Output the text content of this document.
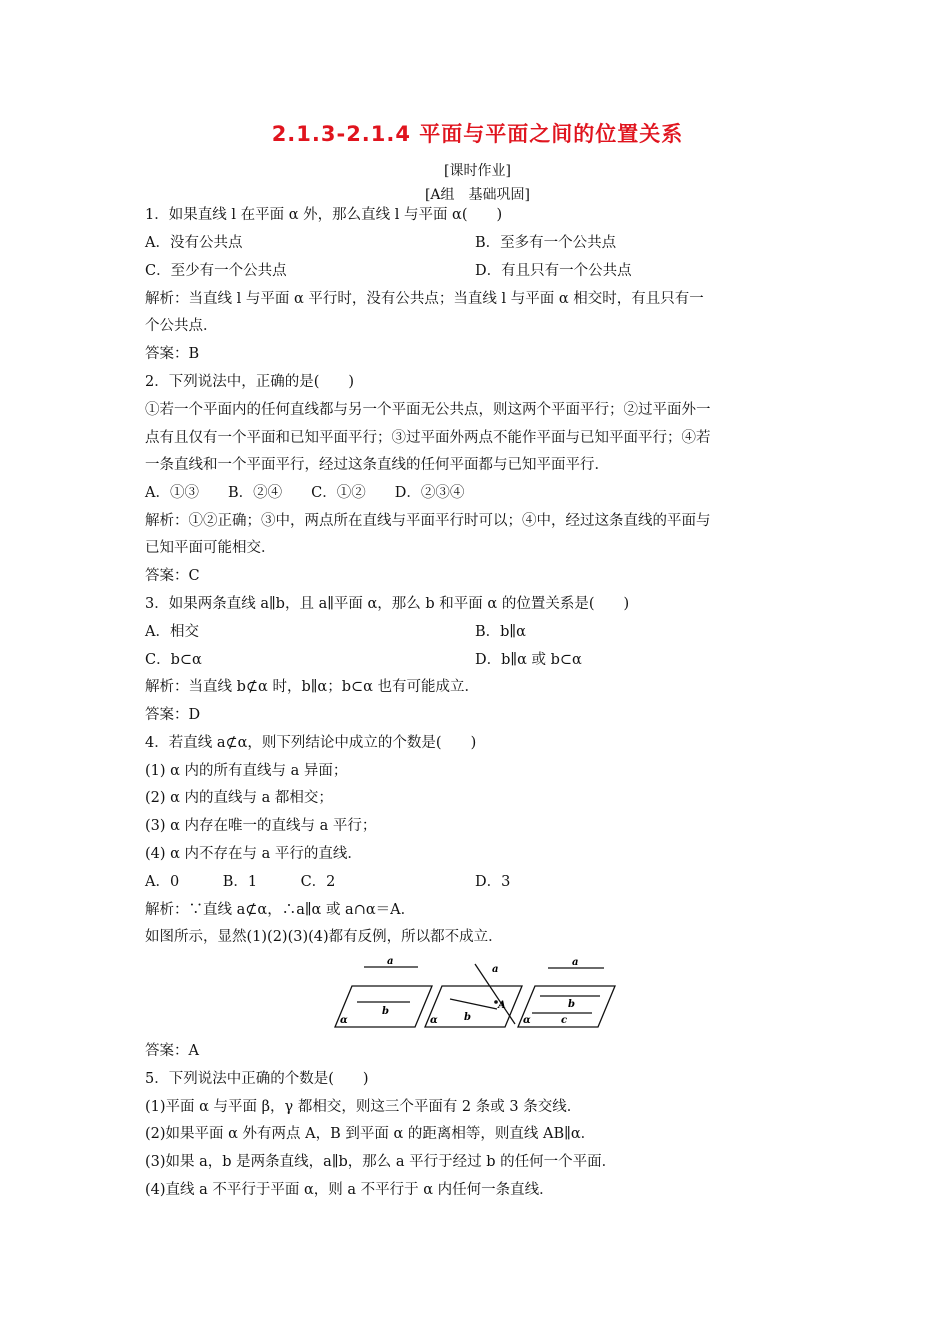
2.1.3-2.1.4 平面与平面之间的位置关系
[课时作业]
[A组　基础巩固]
1．如果直线 l 在平面 α 外，那么直线 l 与平面 α(　　)
A．没有公共点	B．至多有一个公共点
C．至少有一个公共点	D．有且只有一个公共点
解析：当直线 l 与平面 α 平行时，没有公共点；当直线 l 与平面 α 相交时，有且只有一
个公共点．
答案：B
2．下列说法中，正确的是(　　)
①若一个平面内的任何直线都与另一个平面无公共点，则这两个平面平行；②过平面外一
点有且仅有一个平面和已知平面平行；③过平面外两点不能作平面与已知平面平行；④若
一条直线和一个平面平行，经过这条直线的任何平面都与已知平面平行．
A．①③　　B．②④　　C．①②　　D．②③④
解析：①②正确；③中，两点所在直线与平面平行时可以；④中，经过这条直线的平面与
已知平面可能相交．
答案：C
3．如果两条直线 a∥b，且 a∥平面 α，那么 b 和平面 α 的位置关系是(　　)
A．相交	B．b∥α
C．b⊂α	D．b∥α 或 b⊂α
解析：当直线 b⊄α 时，b∥α；b⊂α 也有可能成立．
答案：D
4．若直线 a⊄α，则下列结论中成立的个数是(　　)
(1) α 内的所有直线与 a 异面；
(2) α 内的直线与 a 都相交；
(3) α 内存在唯一的直线与 a 平行；
(4) α 内不存在与 a 平行的直线．
A．0　　　B．1　　　C．2	D．3
解析：∵直线 a⊄α，∴a∥α 或 a∩α＝A．
如图所示，显然(1)(2)(3)(4)都有反例，所以都不成立．
a
b
α
a
A
b
α
a
b
c
α
答案：A
5．下列说法中正确的个数是(　　)
(1)平面 α 与平面 β，γ 都相交，则这三个平面有 2 条或 3 条交线．
(2)如果平面 α 外有两点 A，B 到平面 α 的距离相等，则直线 AB∥α．
(3)如果 a，b 是两条直线，a∥b，那么 a 平行于经过 b 的任何一个平面．
(4)直线 a 不平行于平面 α，则 a 不平行于 α 内任何一条直线．
